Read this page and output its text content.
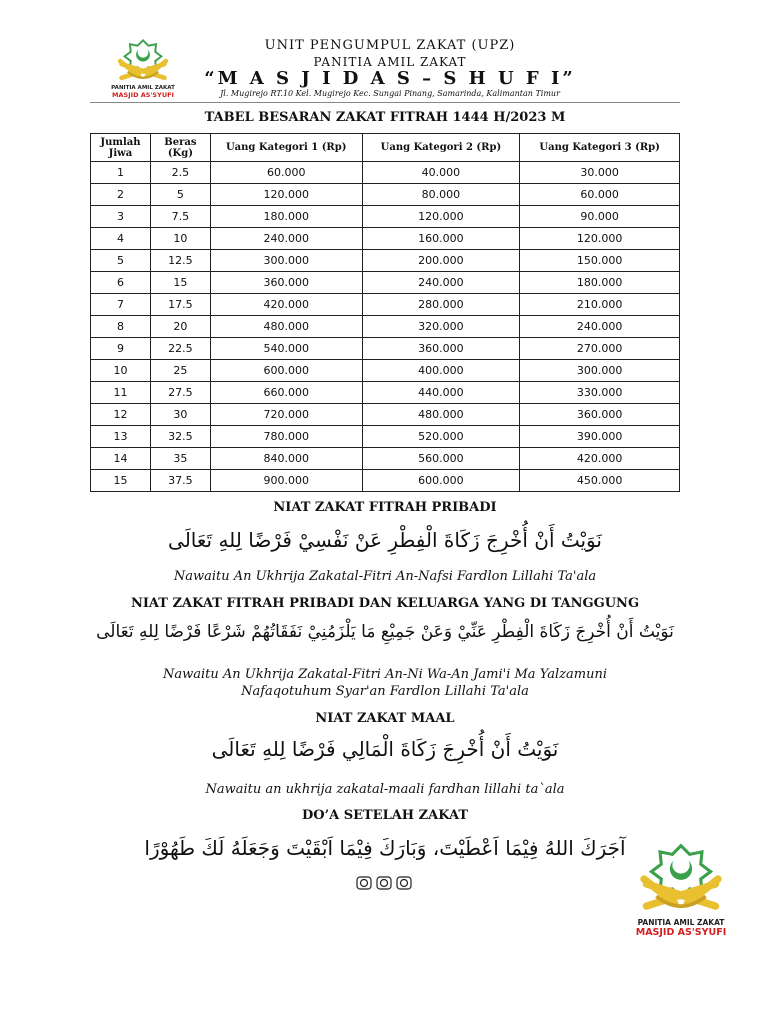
PANITIA AMIL ZAKAT
MASJID AS'SYUFI
UNIT PENGUMPUL ZAKAT (UPZ)
PANITIA AMIL ZAKAT
“M A S J I D A S – S H U F I”
Jl. Mugirejo RT.10 Kel. Mugirejo Kec. Sungai Pinang, Samarinda, Kalimantan Timur
TABEL BESARAN ZAKAT FITRAH 1444 H/2023 M
Jumlah Jiwa	Beras (Kg)	Uang Kategori 1 (Rp)	Uang Kategori 2 (Rp)	Uang Kategori 3 (Rp)
1	2.5	60.000	40.000	30.000
2	5	120.000	80.000	60.000
3	7.5	180.000	120.000	90.000
4	10	240.000	160.000	120.000
5	12.5	300.000	200.000	150.000
6	15	360.000	240.000	180.000
7	17.5	420.000	280.000	210.000
8	20	480.000	320.000	240.000
9	22.5	540.000	360.000	270.000
10	25	600.000	400.000	300.000
11	27.5	660.000	440.000	330.000
12	30	720.000	480.000	360.000
13	32.5	780.000	520.000	390.000
14	35	840.000	560.000	420.000
15	37.5	900.000	600.000	450.000
NIAT ZAKAT FITRAH PRIBADI
نَوَيْتُ أَنْ أُخْرِجَ زَكَاةَ الْفِطْرِ عَنْ نَفْسِيْ فَرْضًا لِلهِ تَعَالَى
Nawaitu An Ukhrija Zakatal-Fitri An-Nafsi Fardlon Lillahi Ta'ala
NIAT ZAKAT FITRAH PRIBADI DAN KELUARGA YANG DI TANGGUNG
نَوَيْتُ أَنْ أُخْرِجَ زَكَاةَ الْفِطْرِ عَنِّيْ وَعَنْ جَمِيْعِ مَا يَلْزَمُنِيْ نَفَقَاتُهُمْ شَرْعًا فَرْضًا لِلهِ تَعَالَى
Nawaitu An Ukhrija Zakatal-Fitri An-Ni Wa-An Jami'i Ma Yalzamuni
Nafaqotuhum Syar'an Fardlon Lillahi Ta'ala
NIAT ZAKAT MAAL
نَوَيْتُ أَنْ أُخْرِجَ زَكَاةَ الْمَالِي فَرْضًا لِلهِ تَعَالَى
Nawaitu an ukhrija zakatal-maali fardhan lillahi ta`ala
DO’A SETELAH ZAKAT
آجَرَكَ اللهُ فِيْمَا اَعْطَيْتَ، وَبَارَكَ فِيْمَا اَبْقَيْتَ وَجَعَلَهُ لَكَ طَهُوْرًا
PANITIA AMIL ZAKAT
MASJID AS'SYUFI
